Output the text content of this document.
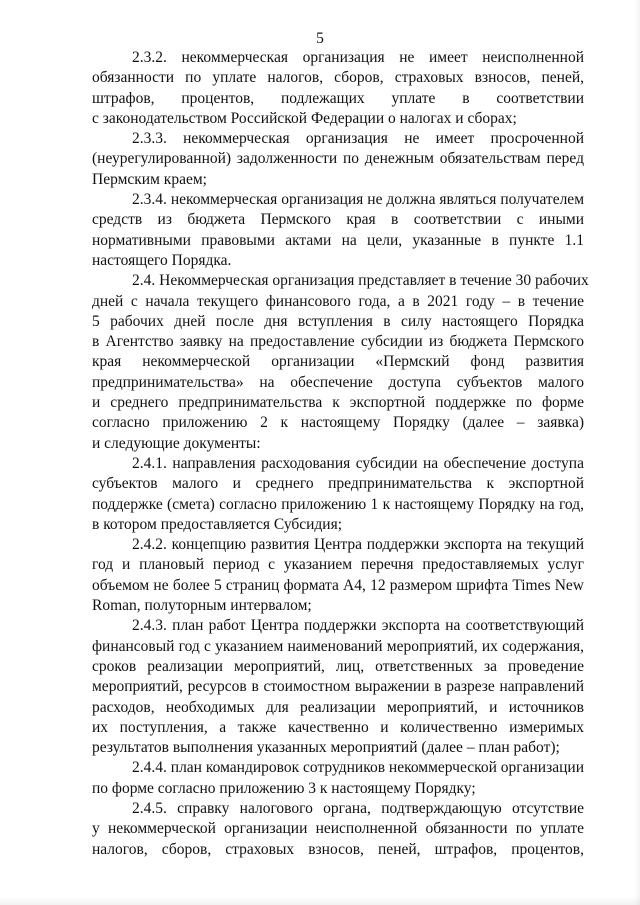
5
2.3.2. некоммерческая организация не имеет неисполненной
обязанности по уплате налогов, сборов, страховых взносов, пеней,
штрафов, процентов, подлежащих уплате в соответствии
с законодательством Российской Федерации о налогах и сборах;
2.3.3. некоммерческая организация не имеет просроченной
(неурегулированной) задолженности по денежным обязательствам перед
Пермским краем;
2.3.4. некоммерческая организация не должна являться получателем
средств из бюджета Пермского края в соответствии с иными
нормативными правовыми актами на цели, указанные в пункте 1.1
настоящего Порядка.
2.4. Некоммерческая организация представляет в течение 30 рабочих
дней с начала текущего финансового года, а в 2021 году – в течение
5 рабочих дней после дня вступления в силу настоящего Порядка
в Агентство заявку на предоставление субсидии из бюджета Пермского
края некоммерческой организации «Пермский фонд развития
предпринимательства» на обеспечение доступа субъектов малого
и среднего предпринимательства к экспортной поддержке по форме
согласно приложению 2 к настоящему Порядку (далее – заявка)
и следующие документы:
2.4.1. направления расходования субсидии на обеспечение доступа
субъектов малого и среднего предпринимательства к экспортной
поддержке (смета) согласно приложению 1 к настоящему Порядку на год,
в котором предоставляется Субсидия;
2.4.2. концепцию развития Центра поддержки экспорта на текущий
год и плановый период с указанием перечня предоставляемых услуг
объемом не более 5 страниц формата А4, 12 размером шрифта Times New
Roman, полуторным интервалом;
2.4.3. план работ Центра поддержки экспорта на соответствующий
финансовый год с указанием наименований мероприятий, их содержания,
сроков реализации мероприятий, лиц, ответственных за проведение
мероприятий, ресурсов в стоимостном выражении в разрезе направлений
расходов, необходимых для реализации мероприятий, и источников
их поступления, а также качественно и количественно измеримых
результатов выполнения указанных мероприятий (далее – план работ);
2.4.4. план командировок сотрудников некоммерческой организации
по форме согласно приложению 3 к настоящему Порядку;
2.4.5. справку налогового органа, подтверждающую отсутствие
у некоммерческой организации неисполненной обязанности по уплате
налогов, сборов, страховых взносов, пеней, штрафов, процентов,
